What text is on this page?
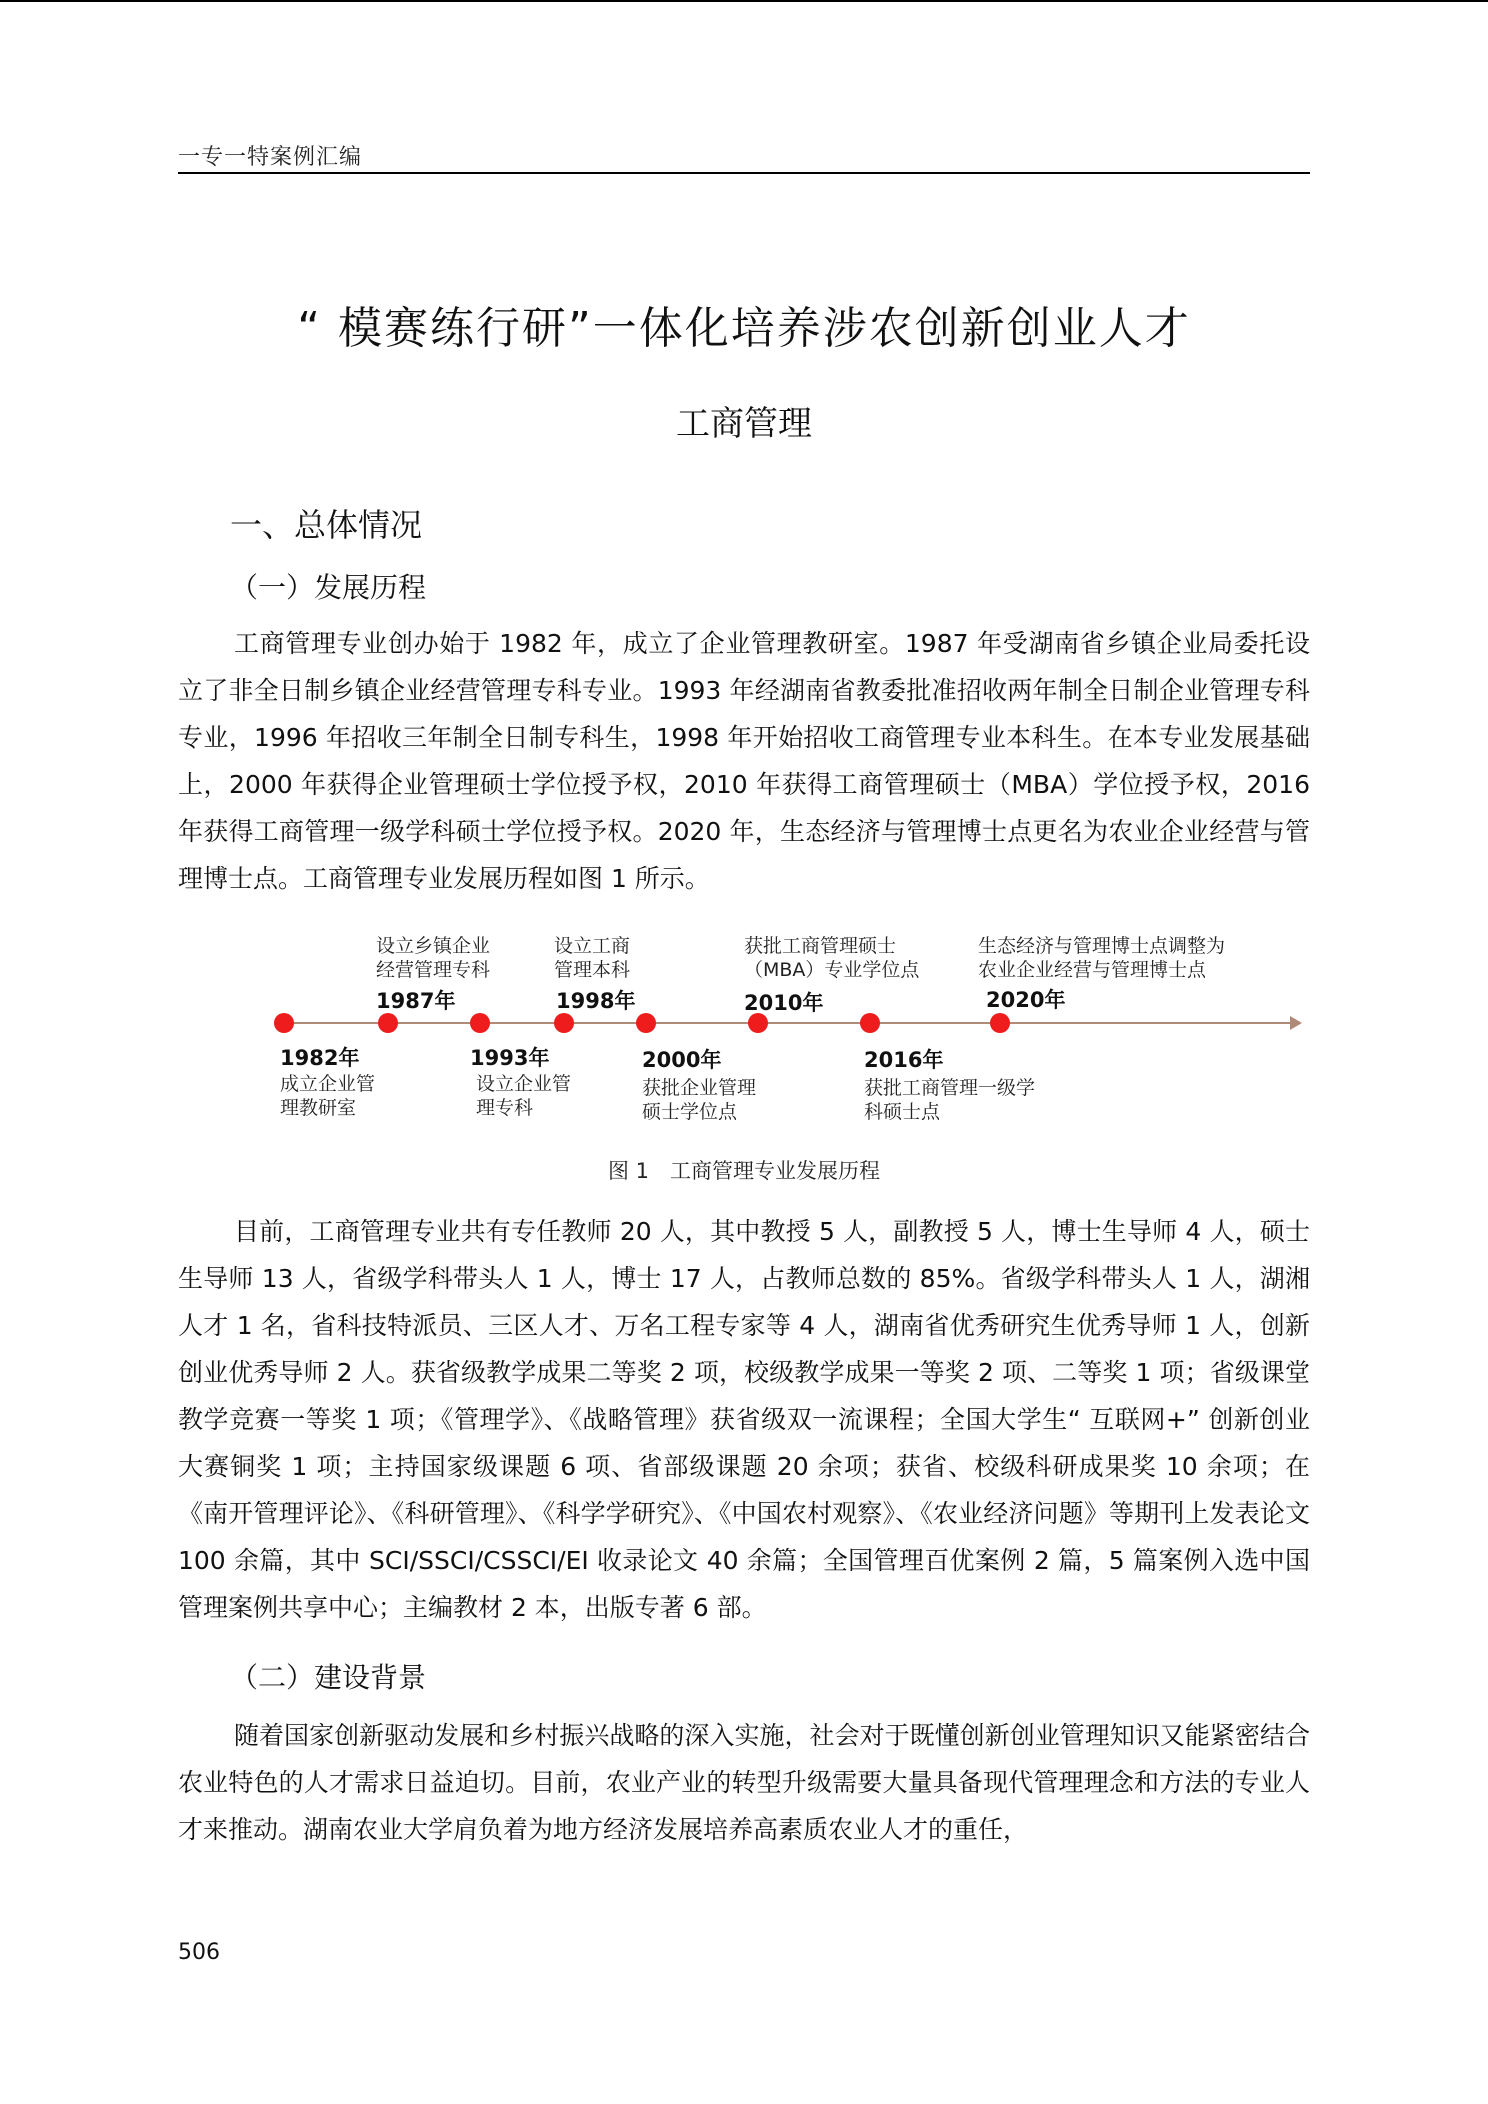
一专一特案例汇编
“ 模赛练行研”一体化培养涉农创新创业人才
工商管理
一、总体情况
（一）发展历程

工商管理专业创办始于 1982 年，成立了企业管理教研室。1987 年受湖南省乡镇企业局委托设立了非全日制乡镇企业经营管理专科专业。1993 年经湖南省教委批准招收两年制全日制企业管理专科专业，1996 年招收三年制全日制专科生，1998 年开始招收工商管理专业本科生。在本专业发展基础上，2000 年获得企业管理硕士学位授予权，2010 年获得工商管理硕士（MBA）学位授予权，2016 年获得工商管理一级学科硕士学位授予权。2020 年，生态经济与管理博士点更名为农业企业经营与管理博士点。工商管理专业发展历程如图 1 所示。

1982年
成立企业管
理教研室
1987年
设立乡镇企业
经营管理专科
1993年
设立企业管
理专科
1998年
设立工商
管理本科
2000年
获批企业管理
硕士学位点
2010年
获批工商管理硕士
（MBA）专业学位点
2016年
获批工商管理一级学
科硕士点
2020年
生态经济与管理博士点调整为
农业企业经营与管理博士点
图 1　工商管理专业发展历程

目前，工商管理专业共有专任教师 20 人，其中教授 5 人，副教授 5 人，博士生导师 4 人，硕士生导师 13 人，省级学科带头人 1 人，博士 17 人，占教师总数的 85%。省级学科带头人 1 人，湖湘人才 1 名，省科技特派员、三区人才、万名工程专家等 4 人，湖南省优秀研究生优秀导师 1 人，创新创业优秀导师 2 人。获省级教学成果二等奖 2 项，校级教学成果一等奖 2 项、二等奖 1 项；省级课堂教学竞赛一等奖 1 项；《管理学》、《战略管理》获省级双一流课程；全国大学生“ 互联网+” 创新创业大赛铜奖 1 项；主持国家级课题 6 项、省部级课题 20 余项；获省、校级科研成果奖 10 余项；在《南开管理评论》、《科研管理》、《科学学研究》、《中国农村观察》、《农业经济问题》等期刊上发表论文 100 余篇，其中 SCI/SSCI/CSSCI/EI 收录论文 40 余篇；全国管理百优案例 2 篇，5 篇案例入选中国管理案例共享中心；主编教材 2 本，出版专著 6 部。

（二）建设背景

随着国家创新驱动发展和乡村振兴战略的深入实施，社会对于既懂创新创业管理知识又能紧密结合农业特色的人才需求日益迫切。目前，农业产业的转型升级需要大量具备现代管理理念和方法的专业人才来推动。湖南农业大学肩负着为地方经济发展培养高素质农业人才的重任，

506
